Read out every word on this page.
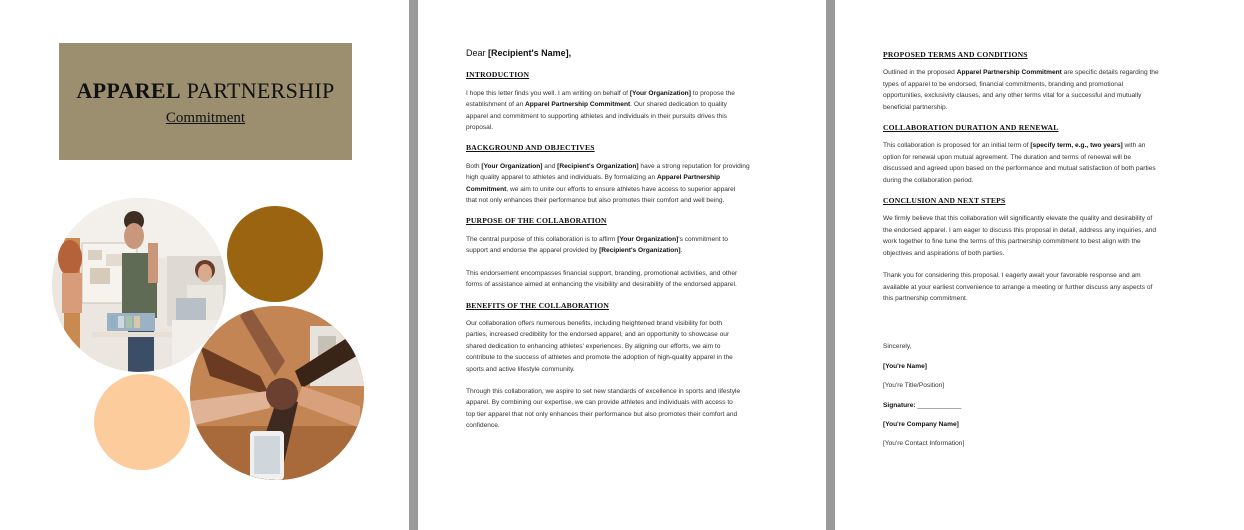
APPAREL PARTNERSHIP
Commitment

Dear [Recipient's Name],

INTRODUCTION

I hope this letter finds you well. I am writing on behalf of [Your Organization] to propose the

establishment of an Apparel Partnership Commitment. Our shared dedication to quality

apparel and commitment to supporting athletes and individuals in their pursuits drives this

proposal.

BACKGROUND AND OBJECTIVES

Both [Your Organization] and [Recipient's Organization] have a strong reputation for providing

high quality apparel to athletes and individuals. By formalizing an Apparel Partnership

Commitment, we aim to unite our efforts to ensure athletes have access to superior apparel

that not only enhances their performance but also promotes their comfort and well being.

PURPOSE OF THE COLLABORATION

The central purpose of this collaboration is to affirm [Your Organization]'s commitment to

support and endorse the apparel provided by [Recipient's Organization].

This endorsement encompasses financial support, branding, promotional activities, and other

forms of assistance aimed at enhancing the visibility and desirability of the endorsed apparel.

BENEFITS OF THE COLLABORATION

Our collaboration offers numerous benefits, including heightened brand visibility for both

parties, increased credibility for the endorsed apparel, and an opportunity to showcase our

shared dedication to enhancing athletes' experiences. By aligning our efforts, we aim to

contribute to the success of athletes and promote the adoption of high-quality apparel in the

sports and active lifestyle community.

Through this collaboration, we aspire to set new standards of excellence in sports and lifestyle

apparel. By combining our expertise, we can provide athletes and individuals with access to

top tier apparel that not only enhances their performance but also promotes their comfort and

confidence.

PROPOSED TERMS AND CONDITIONS

Outlined in the proposed Apparel Partnership Commitment are specific details regarding the

types of apparel to be endorsed, financial commitments, branding and promotional

opportunities, exclusivity clauses, and any other terms vital for a successful and mutually

beneficial partnership.

COLLABORATION DURATION AND RENEWAL

This collaboration is proposed for an initial term of [specify term, e.g., two years] with an

option for renewal upon mutual agreement. The duration and terms of renewal will be

discussed and agreed upon based on the performance and mutual satisfaction of both parties

during the collaboration period.

CONCLUSION AND NEXT STEPS

We firmly believe that this collaboration will significantly elevate the quality and desirability of

the endorsed apparel. I am eager to discuss this proposal in detail, address any inquiries, and

work together to fine tune the terms of this partnership commitment to best align with the

objectives and aspirations of both parties.

Thank you for considering this proposal. I eagerly await your favorable response and am

available at your earliest convenience to arrange a meeting or further discuss any aspects of

this partnership commitment.

Sincerely,

[You're Name]

[You're Title/Position]

Signature: ____________

[You're Company Name]

[You're Contact Information]
